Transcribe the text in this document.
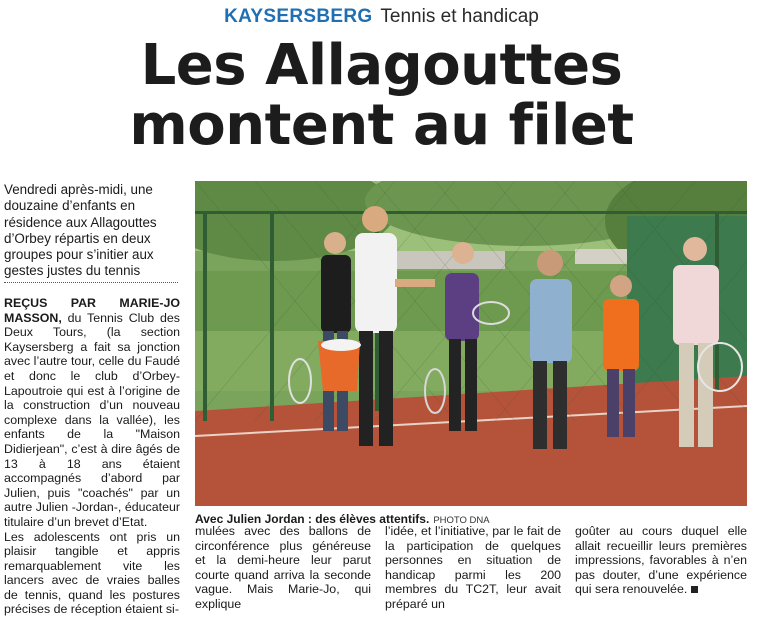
KAYSERSBERG Tennis et handicap
Les Allagouttes
montent au filet
Vendredi après-midi, une douzaine d’enfants en résidence aux Allagouttes d’Orbey répartis en deux groupes pour s’initier aux gestes justes du tennis

REÇUS PAR MARIE-JO MASSON, du Tennis Club des Deux Tours, (la section Kaysersberg a fait sa jonction avec l’autre tour, celle du Faudé et donc le club d’Orbey-Lapoutroie qui est à l’origine de la construction d’un nouveau complexe dans la vallée), les enfants de la "Maison Didierjean", c’est à dire âgés de 13 à 18 ans étaient accompagnés d’abord par Julien, puis "coachés" par un autre Julien -Jordan-, éducateur titulaire d’un brevet d’Etat.

Les adolescents ont pris un plaisir tangible et appris remarquablement vite les lancers avec de vraies balles de tennis, quand les postures précises de réception étaient si-

Avec Julien Jordan : des élèves attentifs. PHOTO DNA
mulées avec des ballons de circonférence plus généreuse et la demi-heure leur parut courte quand arriva la seconde vague. Mais Marie-Jo, qui explique
l’idée, et l’initiative, par le fait de la participation de quelques personnes en situation de handicap parmi les 200 membres du TC2T, leur avait préparé un
goûter au cours duquel elle allait recueillir leurs premières impressions, favorables à n’en pas douter, d’une expérience qui sera renouvelée.
